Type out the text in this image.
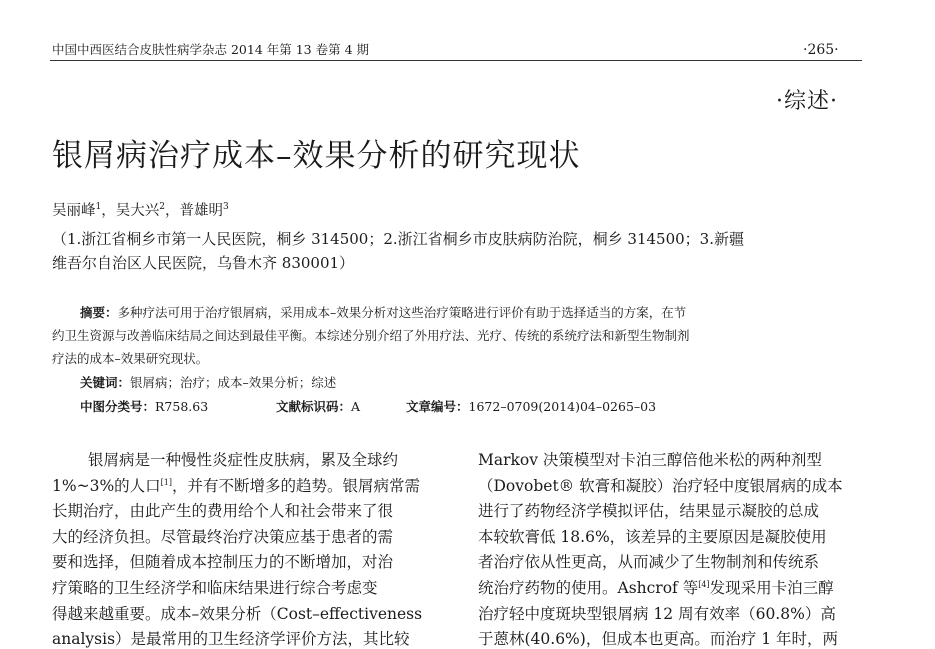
中国中西医结合皮肤性病学杂志 2014 年第 13 卷第 4 期	·265·
·综述·
银屑病治疗成本–效果分析的研究现状
吴丽峰$^1$，吴大兴$^2$，普雄明$^3$
（1.浙江省桐乡市第一人民医院，桐乡 314500；2.浙江省桐乡市皮肤病防治院，桐乡 314500；3.新疆
维吾尔自治区人民医院，乌鲁木齐 830001）
摘要：多种疗法可用于治疗银屑病，采用成本–效果分析对这些治疗策略进行评价有助于选择适当的方案，在节
约卫生资源与改善临床结局之间达到最佳平衡。本综述分别介绍了外用疗法、光疗、传统的系统疗法和新型生物制剂
疗法的成本–效果研究现状。
关键词：银屑病；治疗；成本–效果分析；综述
中图分类号：R758.63	文献标识码：A	文章编号：1672–0709(2014)04–0265–03
银屑病是一种慢性炎症性皮肤病，累及全球约
1%~3%的人口[1]，并有不断增多的趋势。银屑病常需
长期治疗，由此产生的费用给个人和社会带来了很
大的经济负担。尽管最终治疗决策应基于患者的需
要和选择，但随着成本控制压力的不断增加，对治
疗策略的卫生经济学和临床结果进行综合考虑变
得越来越重要。成本–效果分析（Cost–effectiveness
analysis）是最常用的卫生经济学评价方法，其比较
Markov 决策模型对卡泊三醇倍他米松的两种剂型
（Dovobet® 软膏和凝胶）治疗轻中度银屑病的成本
进行了药物经济学模拟评估，结果显示凝胶的总成
本较软膏低 18.6%，该差异的主要原因是凝胶使用
者治疗依从性更高，从而减少了生物制剂和传统系
统治疗药物的使用。Ashcrof 等[4]发现采用卡泊三醇
治疗轻中度斑块型银屑病 12 周有效率（60.8%）高
于蒽林(40.6%)，但成本也更高。而治疗 1 年时，两
